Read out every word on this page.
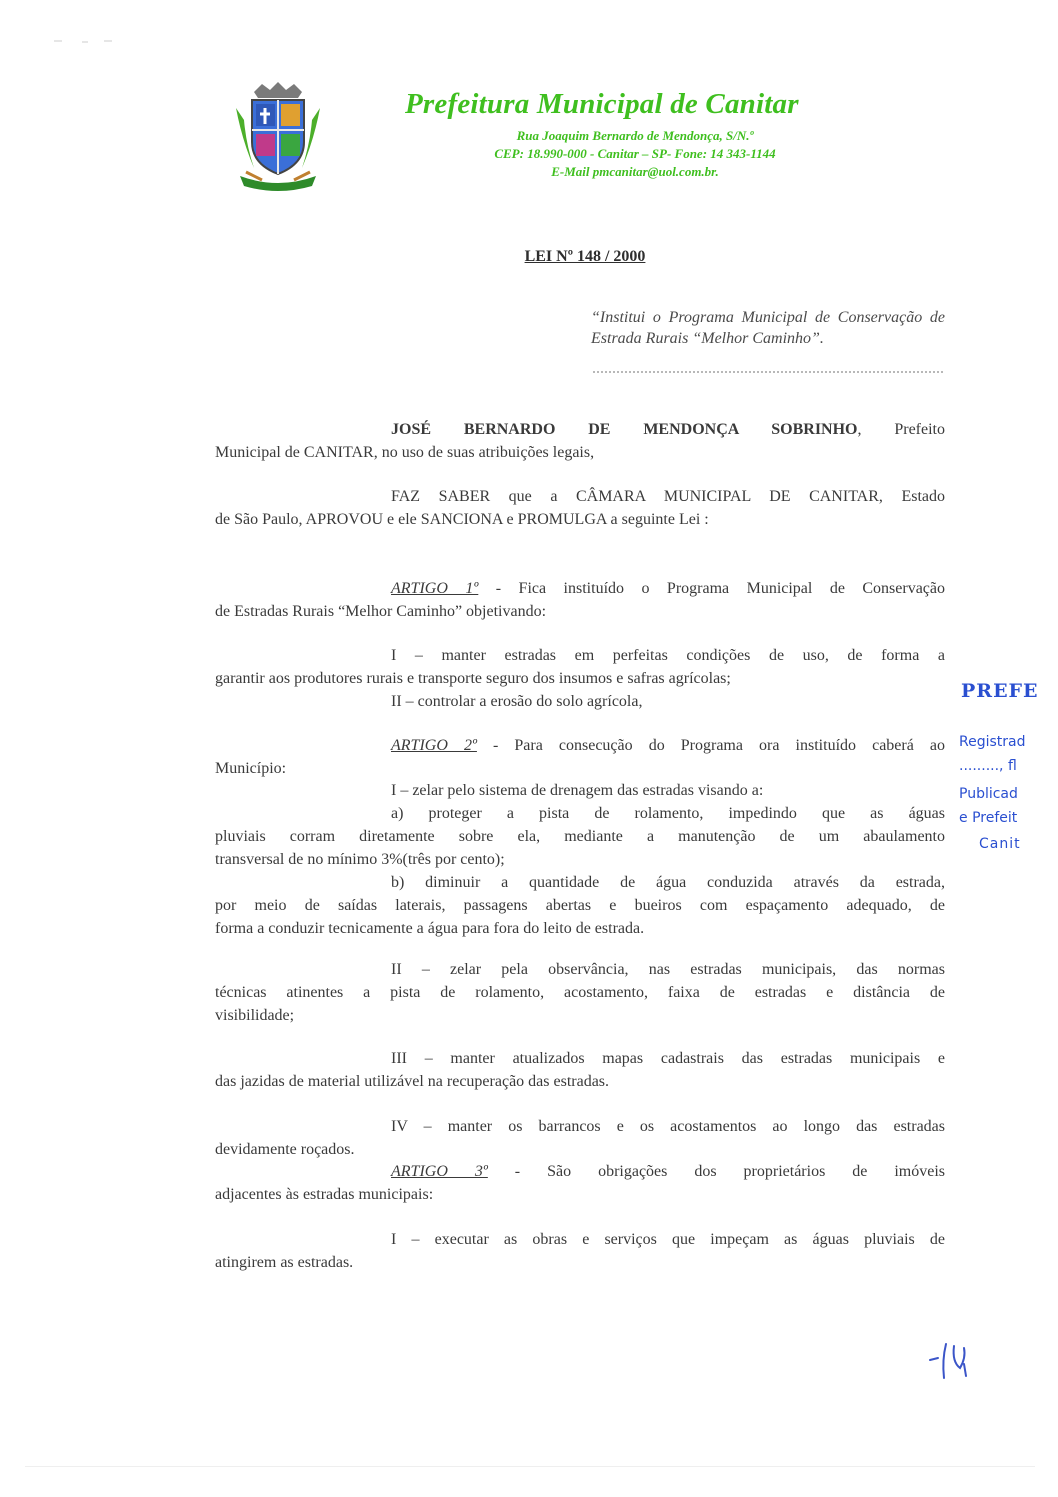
Prefeitura Municipal de Canitar
Rua Joaquim Bernardo de Mendonça, S/N.º
CEP: 18.990-000 - Canitar – SP- Fone: 14 343-1144
E-Mail pmcanitar@uol.com.br.
LEI Nº 148 / 2000
“Institui o Programa Municipal de Conservação de Estrada Rurais “Melhor Caminho”.
JOSÉ BERNARDO DE MENDONÇA SOBRINHO, Prefeito
Municipal de CANITAR, no uso de suas atribuições legais,
FAZ SABER que a CÂMARA MUNICIPAL DE CANITAR, Estado
de São Paulo, APROVOU e ele SANCIONA e PROMULGA a seguinte Lei :
ARTIGO 1º - Fica instituído o Programa Municipal de Conservação
de Estradas Rurais “Melhor Caminho” objetivando:
I – manter estradas em perfeitas condições de uso, de forma a
garantir aos produtores rurais e transporte seguro dos insumos e safras agrícolas;
II – controlar a erosão do solo agrícola,
ARTIGO 2º - Para consecução do Programa ora instituído caberá ao
Município:
I – zelar pelo sistema de drenagem das estradas visando a:
a) proteger a pista de rolamento, impedindo que as águas
pluviais corram diretamente sobre ela, mediante a manutenção de um abaulamento
transversal de no mínimo 3%(três por cento);
b) diminuir a quantidade de água conduzida através da estrada,
por meio de saídas laterais, passagens abertas e bueiros com espaçamento adequado, de
forma a conduzir tecnicamente a água para fora do leito de estrada.
II – zelar pela observância, nas estradas municipais, das normas
técnicas atinentes a pista de rolamento, acostamento, faixa de estradas e distância de
visibilidade;
III – manter atualizados mapas cadastrais das estradas municipais e
das jazidas de material utilizável na recuperação das estradas.
IV – manter os barrancos e os acostamentos ao longo das estradas
devidamente roçados.
ARTIGO 3º - São obrigações dos proprietários de imóveis
adjacentes às estradas municipais:
I – executar as obras e serviços que impeçam as águas pluviais de
atingirem as estradas.
PREFE
Registrad
........., fl
Publicad
e Prefeit
Canit
